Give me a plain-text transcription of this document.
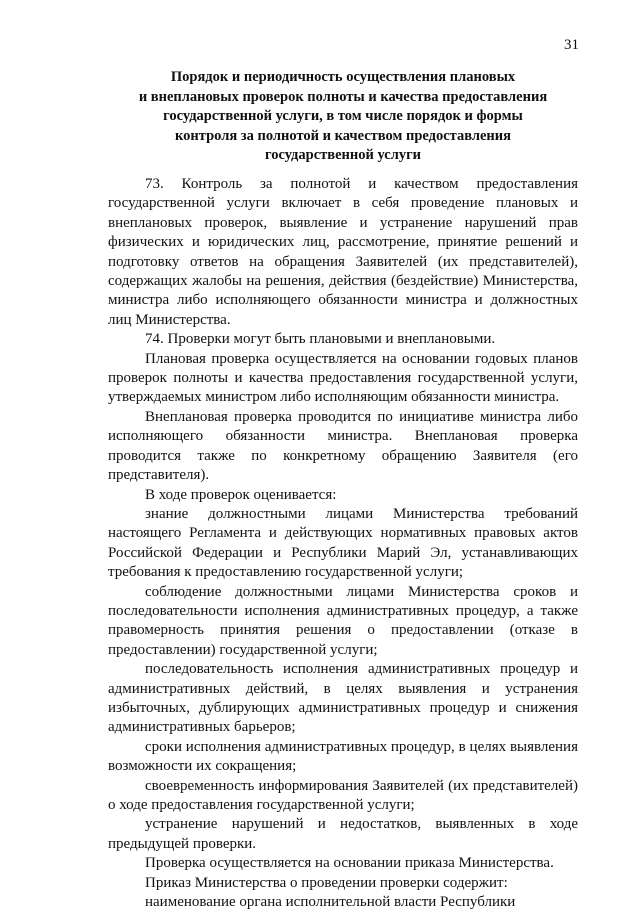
31
Порядок и периодичность осуществления плановых
и внеплановых проверок полноты и качества предоставления
государственной услуги, в том числе порядок и формы
контроля за полнотой и качеством предоставления
государственной услуги

73. Контроль за полнотой и качеством предоставления государственной услуги включает в себя проведение плановых и внеплановых проверок, выявление и устранение нарушений прав физических и юридических лиц, рассмотрение, принятие решений и подготовку ответов на обращения Заявителей (их представителей), содержащих жалобы на решения, действия (бездействие) Министерства, министра либо исполняющего обязанности министра и должностных лиц Министерства.

74. Проверки могут быть плановыми и внеплановыми.

Плановая проверка осуществляется на основании годовых планов проверок полноты и качества предоставления государственной услуги, утверждаемых министром либо исполняющим обязанности министра.

Внеплановая проверка проводится по инициативе министра либо исполняющего обязанности министра. Внеплановая проверка проводится также по конкретному обращению Заявителя (его представителя).

В ходе проверок оценивается:

знание должностными лицами Министерства требований настоящего Регламента и действующих нормативных правовых актов Российской Федерации и Республики Марий Эл, устанавливающих требования к предоставлению государственной услуги;

соблюдение должностными лицами Министерства сроков и последовательности исполнения административных процедур, а также правомерность принятия решения о предоставлении (отказе в предоставлении) государственной услуги;

последовательность исполнения административных процедур и административных действий, в целях выявления и устранения избыточных, дублирующих административных процедур и снижения административных барьеров;

сроки исполнения административных процедур, в целях выявления возможности их сокращения;

своевременность информирования Заявителей (их представителей) о ходе предоставления государственной услуги;

устранение нарушений и недостатков, выявленных в ходе предыдущей проверки.

Проверка осуществляется на основании приказа Министерства.

Приказ Министерства о проведении проверки содержит:

наименование органа исполнительной власти Республики
